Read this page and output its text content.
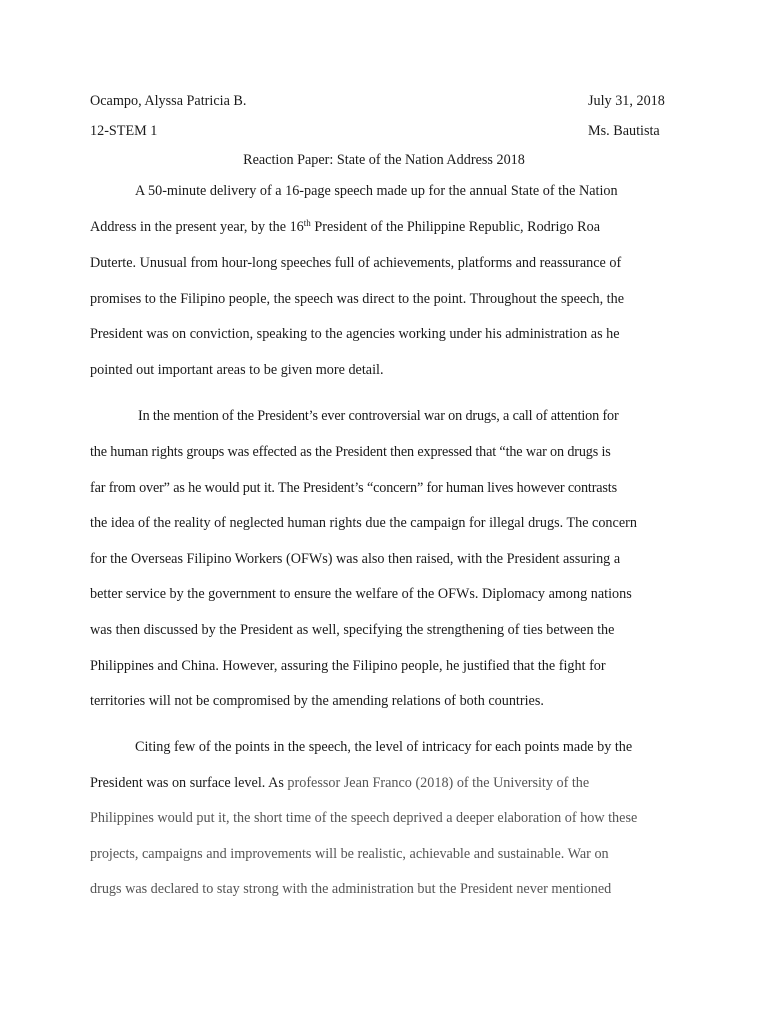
Ocampo, Alyssa Patricia B.	July 31, 2018
12-STEM 1	Ms. Bautista
Reaction Paper: State of the Nation Address 2018
A 50-minute delivery of a 16-page speech made up for the annual State of the Nation
Address in the present year, by the 16th President of the Philippine Republic, Rodrigo Roa
Duterte. Unusual from hour-long speeches full of achievements, platforms and reassurance of
promises to the Filipino people, the speech was direct to the point. Throughout the speech, the
President was on conviction, speaking to the agencies working under his administration as he
pointed out important areas to be given more detail.
In the mention of the President’s ever controversial war on drugs, a call of attention for
the human rights groups was effected as the President then expressed that “the war on drugs is
far from over” as he would put it. The President’s “concern” for human lives however contrasts
the idea of the reality of neglected human rights due the campaign for illegal drugs. The concern
for the Overseas Filipino Workers (OFWs) was also then raised, with the President assuring a
better service by the government to ensure the welfare of the OFWs. Diplomacy among nations
was then discussed by the President as well, specifying the strengthening of ties between the
Philippines and China. However, assuring the Filipino people, he justified that the fight for
territories will not be compromised by the amending relations of both countries.
Citing few of the points in the speech, the level of intricacy for each points made by the
President was on surface level. As professor Jean Franco (2018) of the University of the
Philippines would put it, the short time of the speech deprived a deeper elaboration of how these
projects, campaigns and improvements will be realistic, achievable and sustainable. War on
drugs was declared to stay strong with the administration but the President never mentioned
